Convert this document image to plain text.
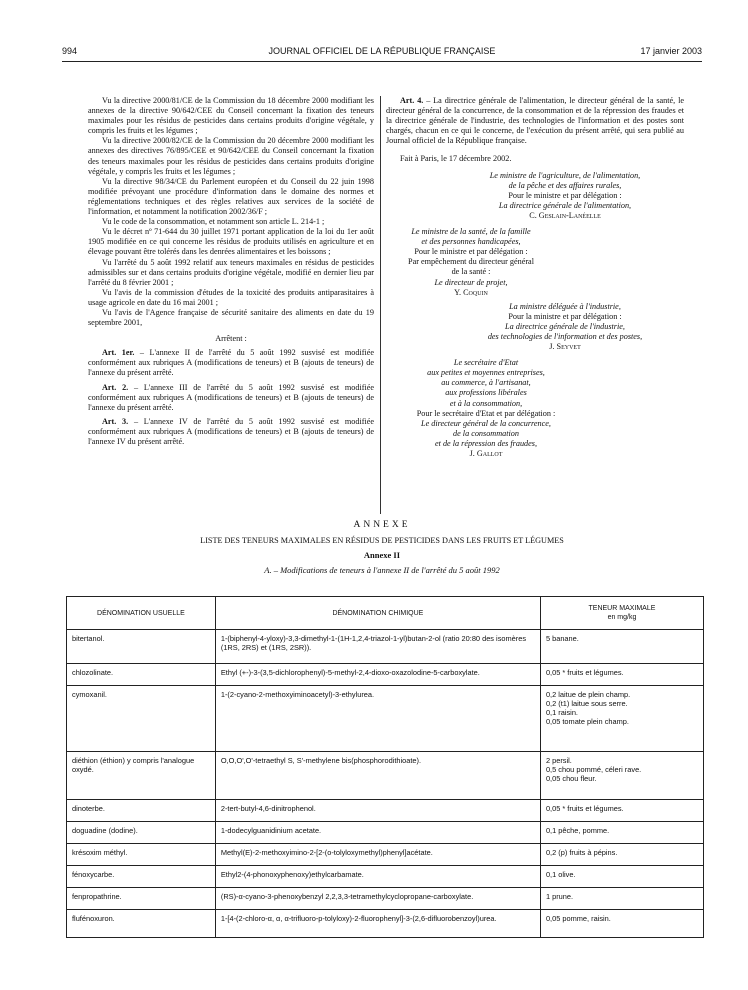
994	JOURNAL OFFICIEL DE LA RÉPUBLIQUE FRANÇAISE	17 janvier 2003

Vu la directive 2000/81/CE de la Commission du 18 décembre 2000 modifiant les annexes de la directive 90/642/CEE du Conseil concernant la fixation des teneurs maximales pour les résidus de pesticides dans certains produits d'origine végétale, y compris les fruits et les légumes ;

Vu la directive 2000/82/CE de la Commission du 20 décembre 2000 modifiant les annexes des directives 76/895/CEE et 90/642/CEE du Conseil concernant la fixation des teneurs maximales pour les résidus de pesticides dans certains produits d'origine végétale, y compris les fruits et les légumes ;

Vu la directive 98/34/CE du Parlement européen et du Conseil du 22 juin 1998 modifiée prévoyant une procédure d'information dans le domaine des normes et réglementations techniques et des règles relatives aux services de la société de l'information, et notamment la notification 2002/36/F ;

Vu le code de la consommation, et notamment son article L. 214-1 ;

Vu le décret nº 71-644 du 30 juillet 1971 portant application de la loi du 1er août 1905 modifiée en ce qui concerne les résidus de produits utilisés en agriculture et en élevage pouvant être tolérés dans les denrées alimentaires et les boissons ;

Vu l'arrêté du 5 août 1992 relatif aux teneurs maximales en résidus de pesticides admissibles sur et dans certains produits d'origine végétale, modifié en dernier lieu par l'arrêté du 8 février 2001 ;

Vu l'avis de la commission d'études de la toxicité des produits antiparasitaires à usage agricole en date du 16 mai 2001 ;

Vu l'avis de l'Agence française de sécurité sanitaire des aliments en date du 19 septembre 2001,

Arrêtent :

Art. 1er. – L'annexe II de l'arrêté du 5 août 1992 susvisé est modifiée conformément aux rubriques A (modifications de teneurs) et B (ajouts de teneurs) de l'annexe du présent arrêté.

Art. 2. – L'annexe III de l'arrêté du 5 août 1992 susvisé est modifiée conformément aux rubriques A (modifications de teneurs) et B (ajouts de teneurs) de l'annexe du présent arrêté.

Art. 3. – L'annexe IV de l'arrêté du 5 août 1992 susvisé est modifiée conformément aux rubriques A (modifications de teneurs) et B (ajouts de teneurs) de l'annexe IV du présent arrêté.

Art. 4. – La directrice générale de l'alimentation, le directeur général de la santé, le directeur général de la concurrence, de la consommation et de la répression des fraudes et la directrice générale de l'industrie, des technologies de l'information et des postes sont chargés, chacun en ce qui le concerne, de l'exécution du présent arrêté, qui sera publié au Journal officiel de la République française.

Fait à Paris, le 17 décembre 2002.

Le ministre de l'agriculture, de l'alimentation,
de la pêche et des affaires rurales,
Pour le ministre et par délégation :
La directrice générale de l'alimentation,
C. Geslain-Lanéelle
Le ministre de la santé, de la famille
et des personnes handicapées,
Pour le ministre et par délégation :
Par empêchement du directeur général
de la santé :
Le directeur de projet,
Y. Coquin
La ministre déléguée à l'industrie,
Pour la ministre et par délégation :
La directrice générale de l'industrie,
des technologies de l'information et des postes,
J. Seyvet
Le secrétaire d'Etat
aux petites et moyennes entreprises,
au commerce, à l'artisanat,
aux professions libérales
et à la consommation,
Pour le secrétaire d'Etat et par délégation :
Le directeur général de la concurrence,
de la consommation
et de la répression des fraudes,
J. Gallot
ANNEXE
LISTE DES TENEURS MAXIMALES EN RÉSIDUS DE PESTICIDES DANS LES FRUITS ET LÉGUMES
Annexe II
A. – Modifications de teneurs à l'annexe II de l'arrêté du 5 août 1992
DÉNOMINATION USUELLE	DÉNOMINATION CHIMIQUE	TENEUR MAXIMALE
en mg/kg

bitertanol.	1-(biphenyl-4-yloxy)-3,3-dimethyl-1-(1H-1,2,4-triazol-1-yl)butan-2-ol (ratio 20:80 des isomères (1RS, 2RS) et (1RS, 2SR)).	5 banane.
chlozolinate.	Ethyl (+-)-3-(3,5-dichlorophenyl)-5-methyl-2,4-dioxo-oxazolodine-5-carboxylate.	0,05 * fruits et légumes.
cymoxanil.	1-(2-cyano-2-methoxyiminoacetyl)-3-ethylurea.	0,2 laitue de plein champ.
0,2 (t1) laitue sous serre.
0,1 raisin.
0,05 tomate plein champ.
diéthion (éthion) y compris l'analogue oxydé.	O,O,O',O'-tetraethyl S, S'-methylene bis(phosphorodithioate).	2 persil.
0,5 chou pommé, céleri rave.
0,05 chou fleur.
dinoterbe.	2-tert-butyl-4,6-dinitrophenol.	0,05 * fruits et légumes.
doguadine (dodine).	1-dodecylguanidinium acetate.	0,1 pêche, pomme.
krésoxim méthyl.	Methyl(E)-2-methoxyimino-2-[2-(o-tolyloxymethyl)phenyl]acétate.	0,2 (p) fruits à pépins.
fénoxycarbe.	Ethyl2-(4-phonoxyphenoxy)ethylcarbamate.	0,1 olive.
fenpropathrine.	(RS)-α-cyano-3-phenoxybenzyl 2,2,3,3-tetramethylcyclopropane-carboxylate.	1 prune.
flufénoxuron.	1-[4-(2-chloro-α, α, α-trifluoro-p-tolyloxy)-2-fluorophenyl]-3-(2,6-difluorobenzoyl)urea.	0,05 pomme, raisin.
